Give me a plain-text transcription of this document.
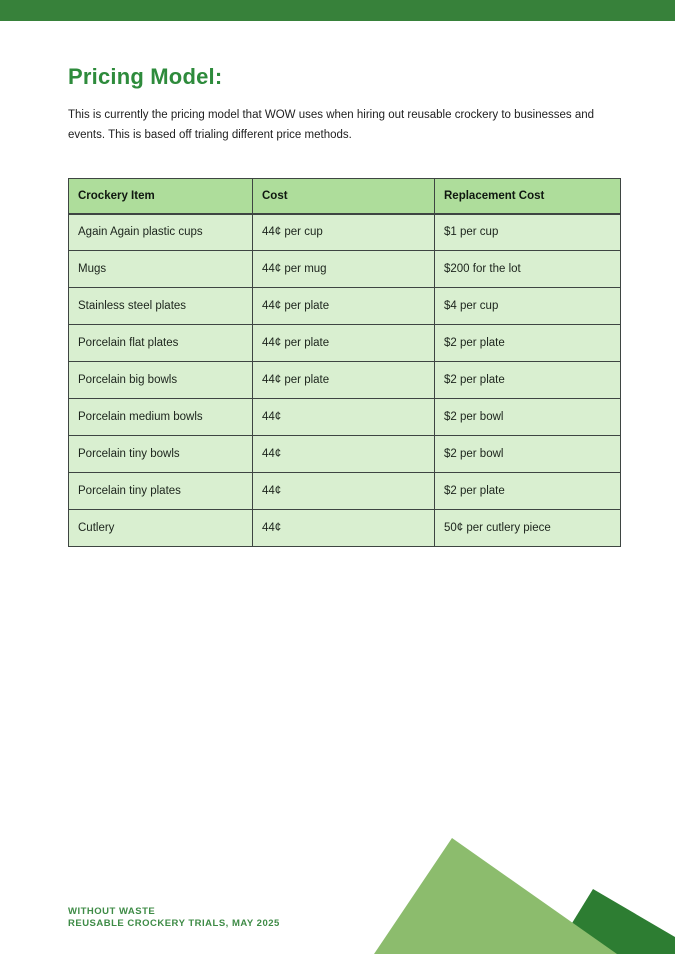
Pricing Model:

This is currently the pricing model that WOW uses when hiring out reusable crockery to businesses and events. This is based off trialing different price methods.

Crockery Item	Cost	Replacement Cost
Again Again plastic cups	44¢ per cup	$1 per cup
Mugs	44¢ per mug	$200 for the lot
Stainless steel plates	44¢ per plate	$4 per cup
Porcelain flat plates	44¢ per plate	$2 per plate
Porcelain big bowls	44¢ per plate	$2 per plate
Porcelain medium bowls	44¢	$2 per bowl
Porcelain tiny bowls	44¢	$2 per bowl
Porcelain tiny plates	44¢	$2 per plate
Cutlery	44¢	50¢ per cutlery piece
WITHOUT WASTE
REUSABLE CROCKERY TRIALS, MAY 2025
